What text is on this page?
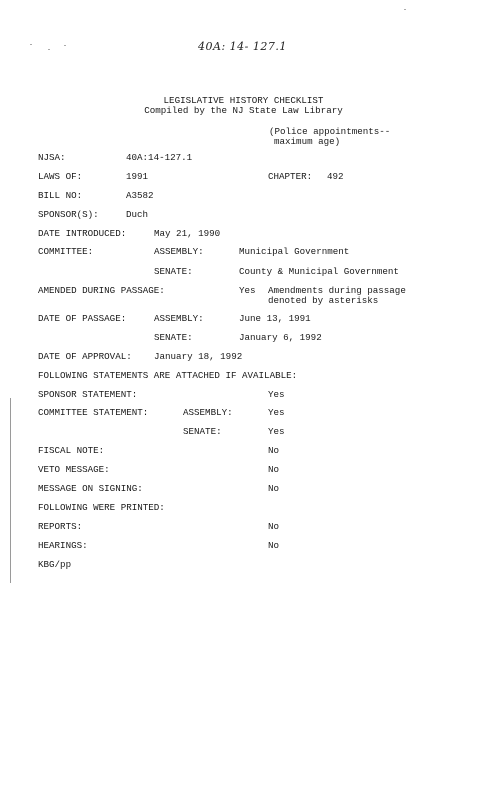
40A: 14- 127.1
LEGISLATIVE HISTORY CHECKLIST
Compiled by the NJ State Law Library
(Police appointments--
maximum age)
NJSA:	40A:14-127.1
LAWS OF:	1991	CHAPTER: 492
BILL NO:	A3582
SPONSOR(S):	Duch
DATE INTRODUCED:	May 21, 1990
COMMITTEE:	ASSEMBLY:	Municipal Government
SENATE:	County & Municipal Government
AMENDED DURING PASSAGE:	Yes Amendments during passage
denoted by asterisks
DATE OF PASSAGE:	ASSEMBLY:	June 13, 1991
SENATE:	January 6, 1992
DATE OF APPROVAL: January 18, 1992
FOLLOWING STATEMENTS ARE ATTACHED IF AVAILABLE:
SPONSOR STATEMENT:	Yes
COMMITTEE STATEMENT:	ASSEMBLY:	Yes
SENATE:	Yes
FISCAL NOTE:	No
VETO MESSAGE:	No
MESSAGE ON SIGNING:	No
FOLLOWING WERE PRINTED:
REPORTS:	No
HEARINGS:	No
KBG/pp
